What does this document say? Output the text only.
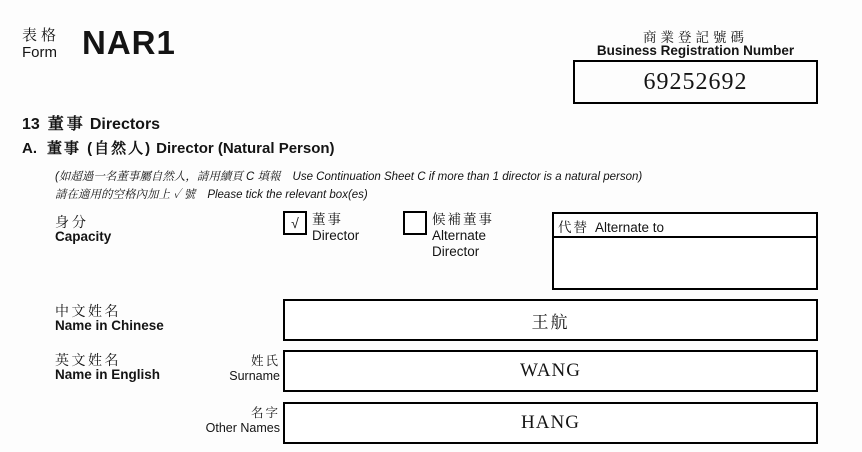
表格
Form NAR1	商業登記號碼
Business Registration Number
69252692
13 董事 Directors
A. 董事 (自然人) Director (Natural Person)
(如超過一名董事屬自然人，請用續頁 C 填報 Use Continuation Sheet C if more than 1 director is a natural person)
請在適用的空格內加上 ✓ 號 Please tick the relevant box(es)
身分
Capacity
√ 董事
Director
候補董事
Alternate
Director
代替 Alternate to
中文姓名
Name in Chinese	王航
英文姓名
Name in English
姓氏
Surname	WANG
名字
Other Names	HANG
